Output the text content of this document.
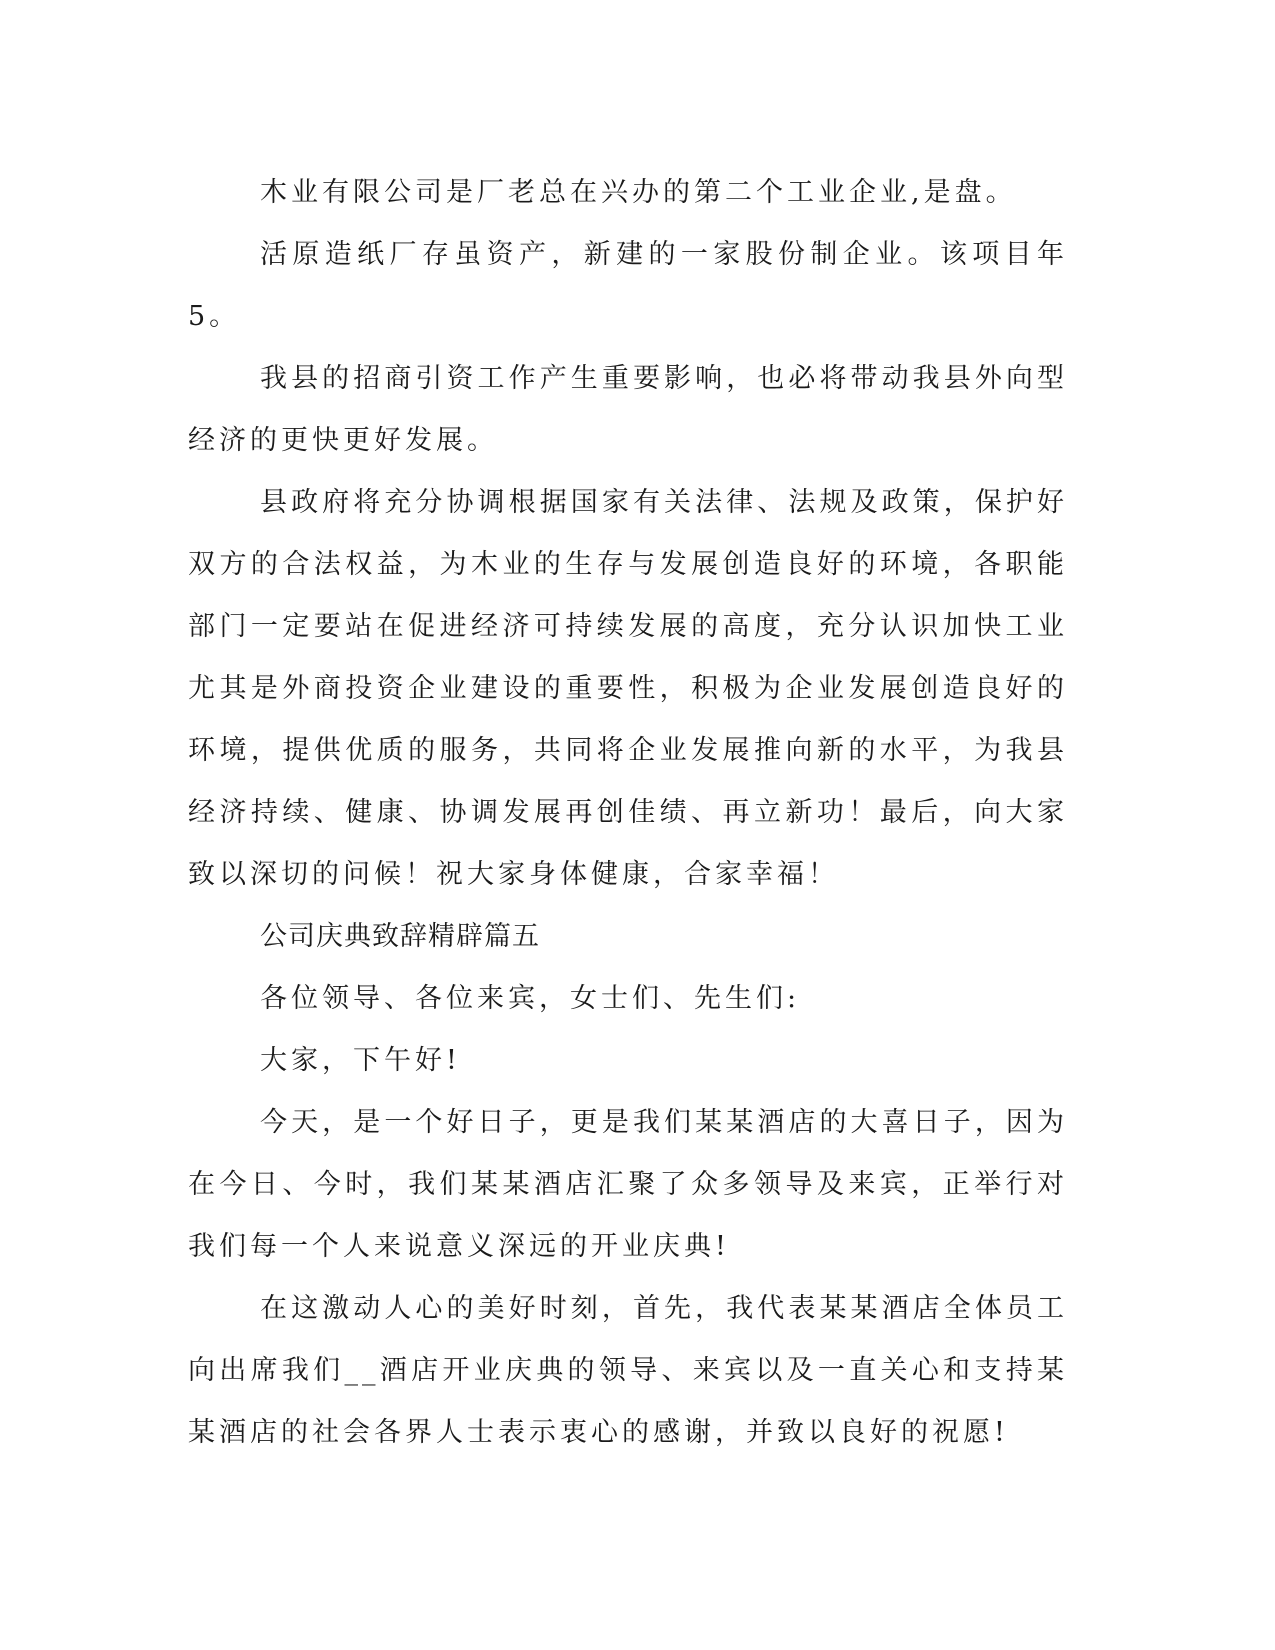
木业有限公司是厂老总在兴办的第二个工业企业,是盘。

活原造纸厂存虽资产，新建的一家股份制企业。该项目年5。

我县的招商引资工作产生重要影响，也必将带动我县外向型经济的更快更好发展。

县政府将充分协调根据国家有关法律、法规及政策，保护好双方的合法权益，为木业的生存与发展创造良好的环境，各职能部门一定要站在促进经济可持续发展的高度，充分认识加快工业尤其是外商投资企业建设的重要性，积极为企业发展创造良好的环境，提供优质的服务，共同将企业发展推向新的水平，为我县经济持续、健康、协调发展再创佳绩、再立新功！最后，向大家致以深切的问候！祝大家身体健康，合家幸福！

公司庆典致辞精辟篇五

各位领导、各位来宾，女士们、先生们:

大家，下午好!

今天，是一个好日子，更是我们某某酒店的大喜日子，因为在今日、今时，我们某某酒店汇聚了众多领导及来宾，正举行对我们每一个人来说意义深远的开业庆典!

在这激动人心的美好时刻，首先，我代表某某酒店全体员工向出席我们__酒店开业庆典的领导、来宾以及一直关心和支持某某酒店的社会各界人士表示衷心的感谢，并致以良好的祝愿!
